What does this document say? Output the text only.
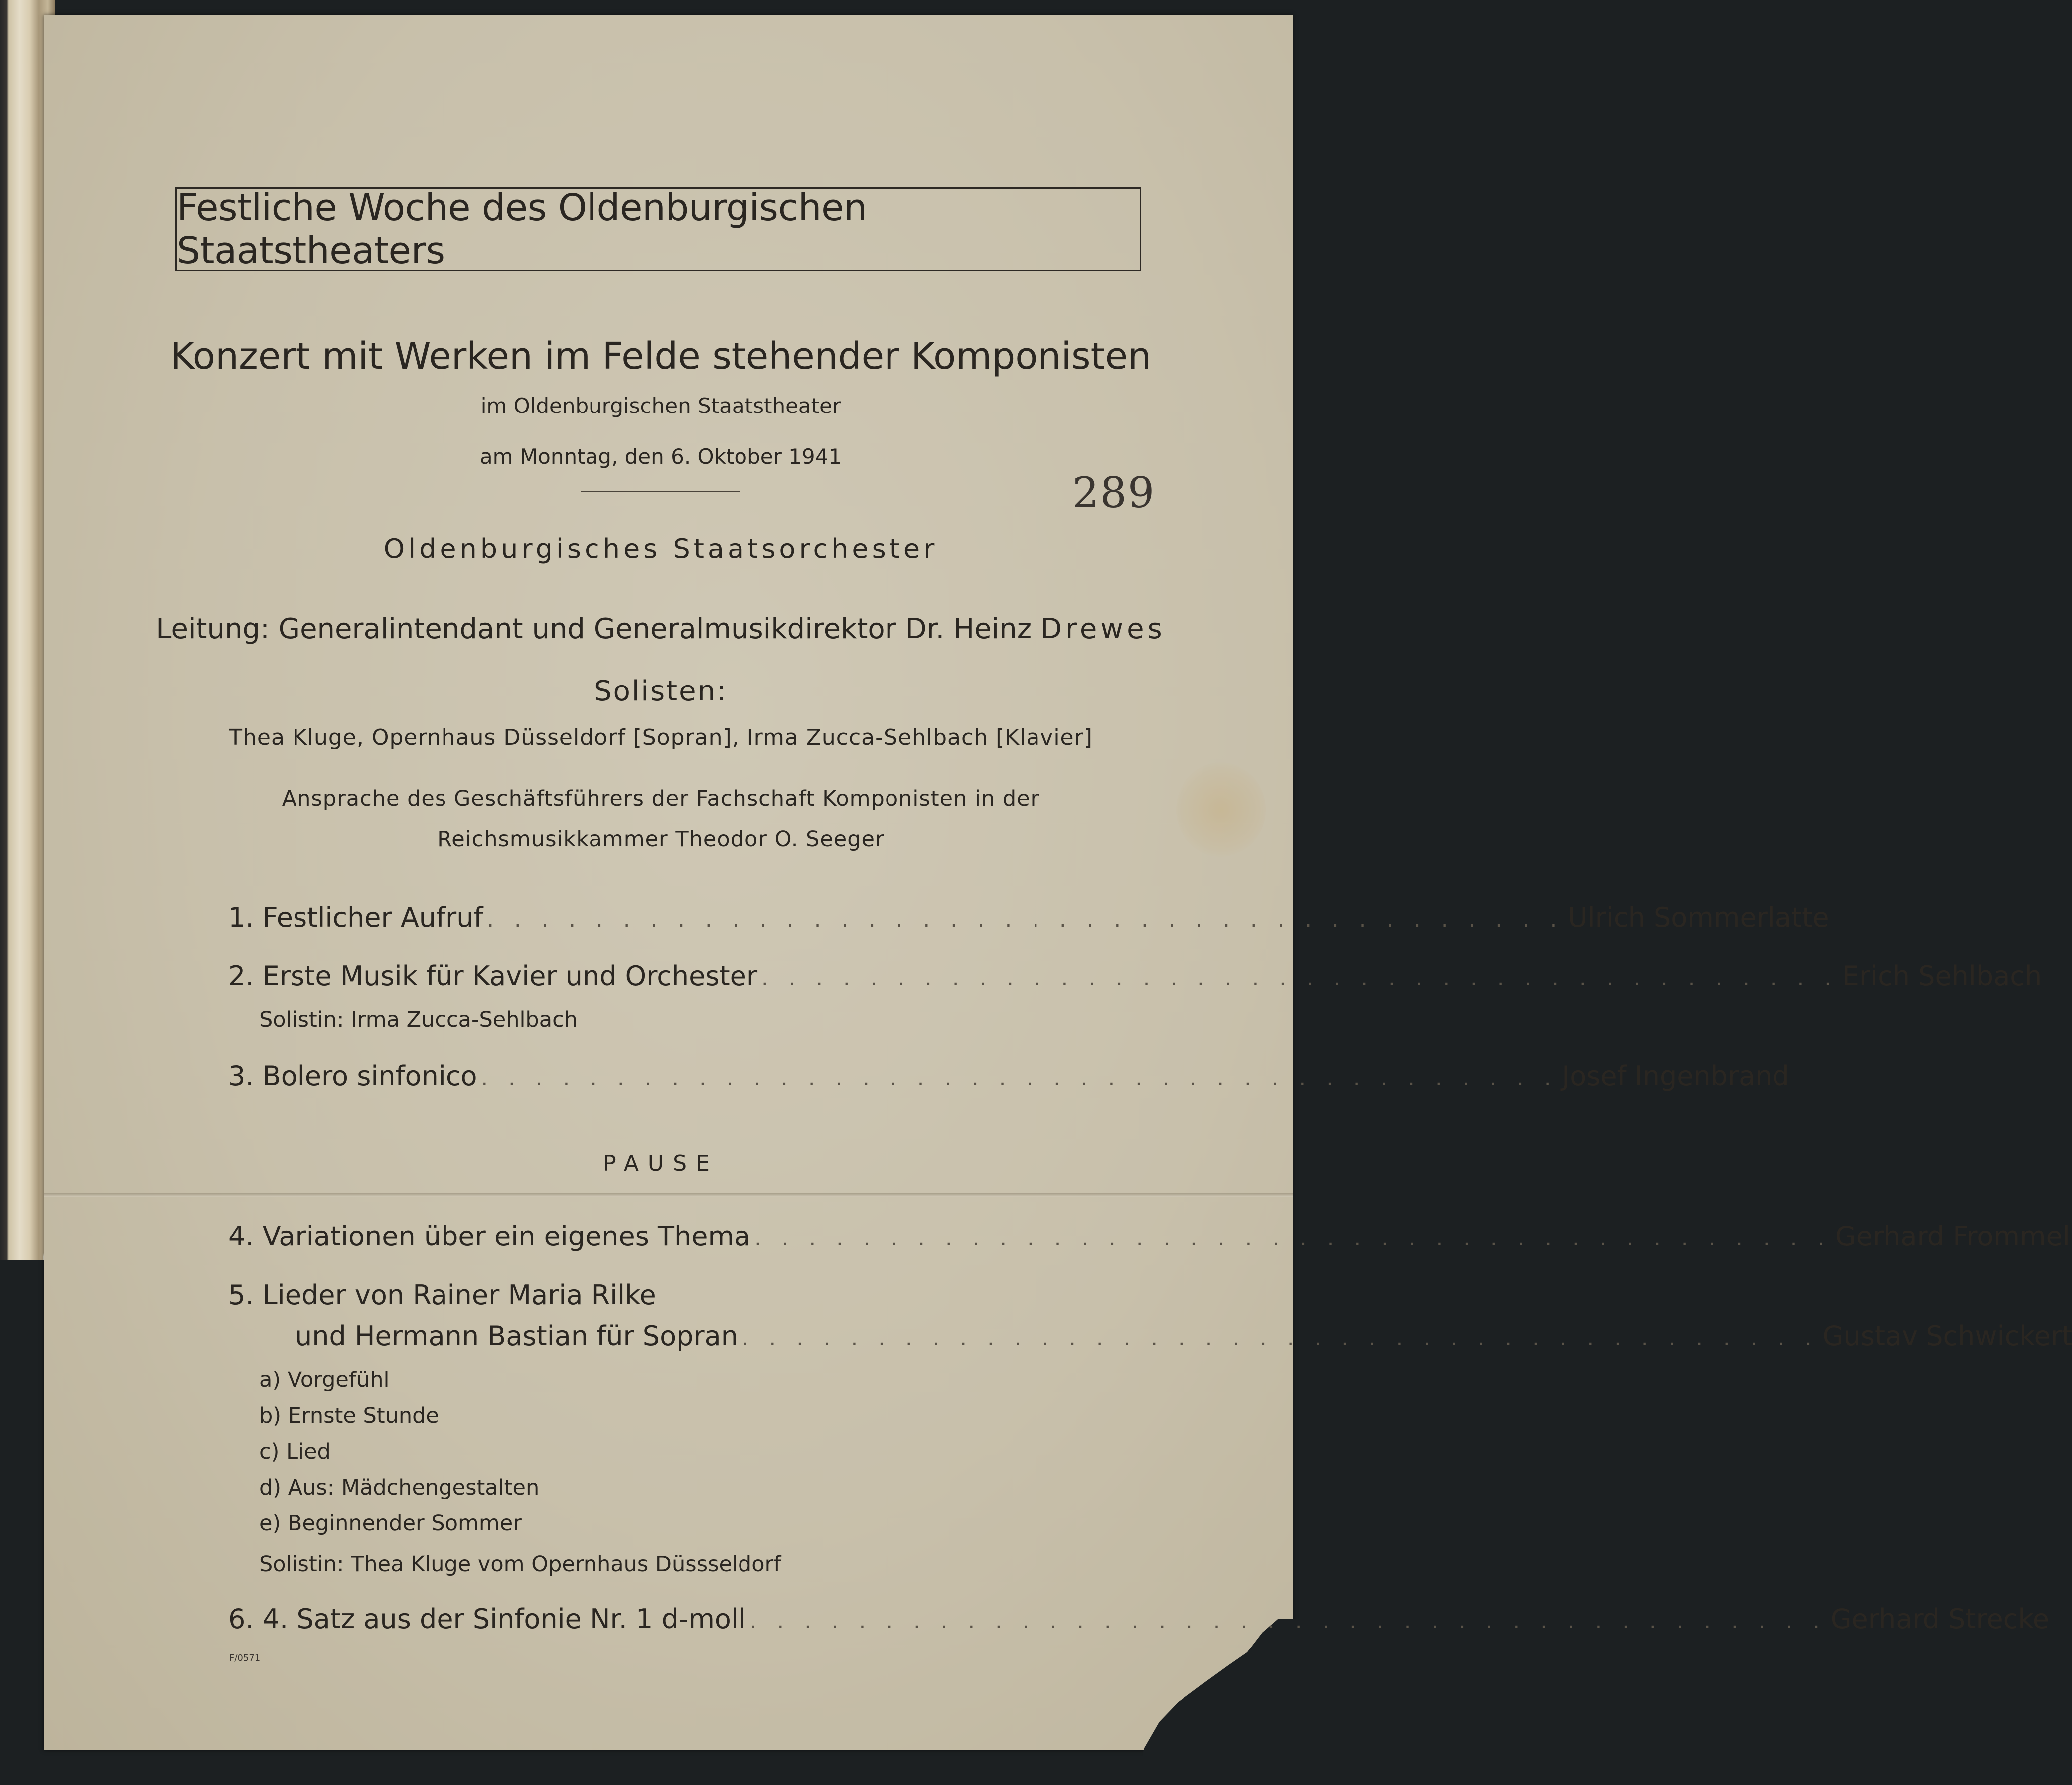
Festliche Woche des Oldenburgischen Staatstheaters
Konzert mit Werken im Felde stehender Komponisten
im Oldenburgischen Staatstheater
am Monntag, den 6. Oktober 1941
289
Oldenburgisches Staatsorchester
Leitung: Generalintendant und Generalmusikdirektor Dr. Heinz Drewes
Solisten:
Thea Kluge, Opernhaus Düsseldorf [Sopran], Irma Zucca-Sehlbach [Klavier]
Ansprache des Geschäftsführers der Fachschaft Komponisten in der
Reichsmusikkammer Theodor O. Seeger
1. Festlicher Aufruf . . . . . . . . . . . . . . . . . . . . . . . . . . . . . . . . . . . . . . . . Ulrich Sommerlatte
2. Erste Musik für Kavier und Orchester . . . . . . . . . . . . . . . . . . . . . . . . . . . . . . . . . . . . . . . . Erich Sehlbach
Solistin: Irma Zucca-Sehlbach
3. Bolero sinfonico . . . . . . . . . . . . . . . . . . . . . . . . . . . . . . . . . . . . . . . . Josef Ingenbrand
PAUSE
4. Variationen über ein eigenes Thema . . . . . . . . . . . . . . . . . . . . . . . . . . . . . . . . . . . . . . . . Gerhard Frommel
5. Lieder von Rainer Maria Rilke
und Hermann Bastian für Sopran . . . . . . . . . . . . . . . . . . . . . . . . . . . . . . . . . . . . . . . . Gustav Schwickert
a) Vorgefühl
b) Ernste Stunde
c) Lied
d) Aus: Mädchengestalten
e) Beginnender Sommer
Solistin: Thea Kluge vom Opernhaus Düssseldorf
6. 4. Satz aus der Sinfonie Nr. 1 d-moll . . . . . . . . . . . . . . . . . . . . . . . . . . . . . . . . . . . . . . . . Gerhard Strecke
F/0571
